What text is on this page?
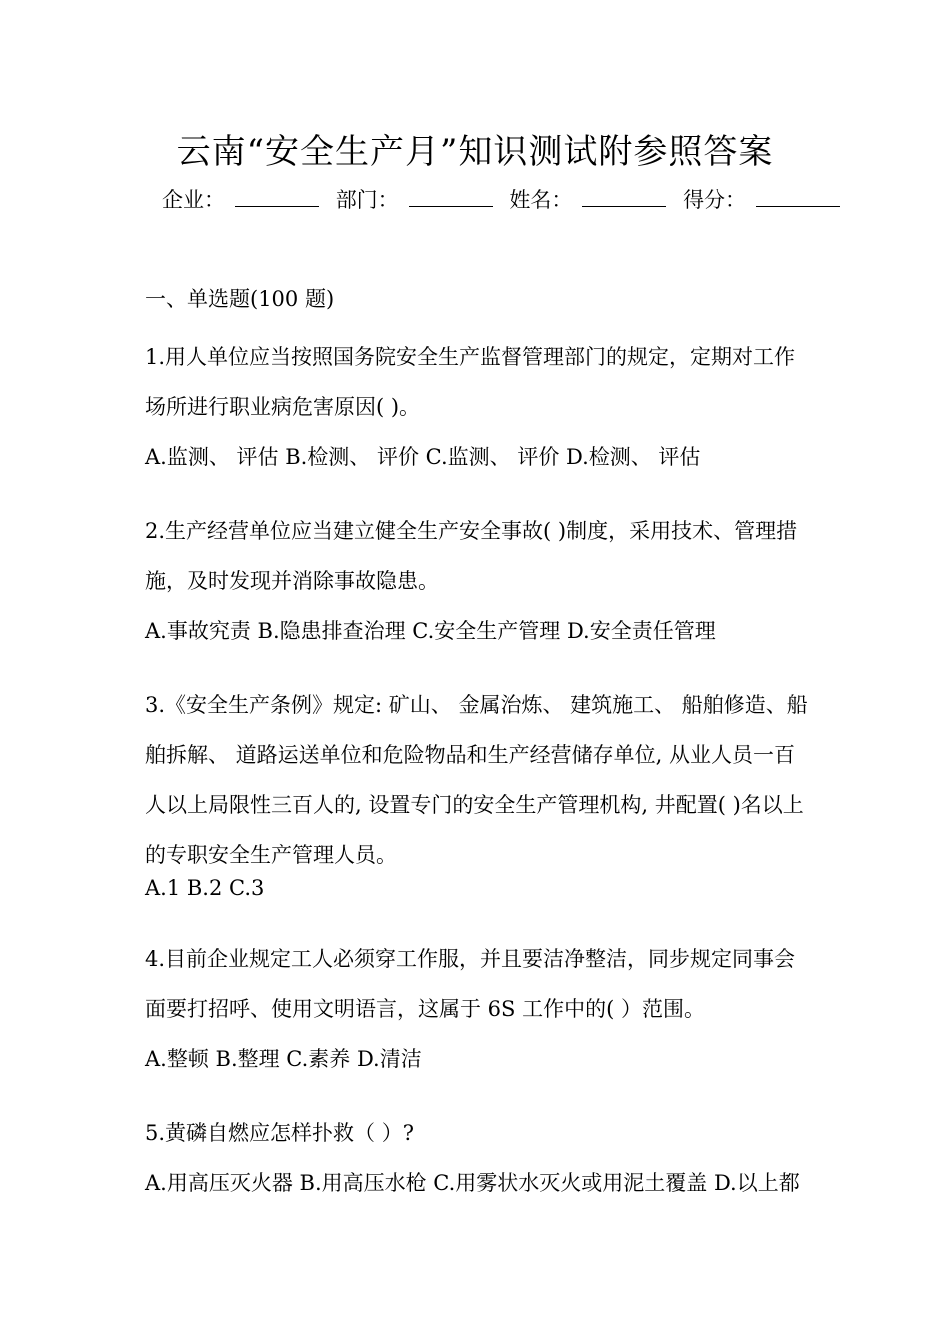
云南“安全生产月”知识测试附参照答案
企业：	部门：	姓名：	得分：
一、单选题(100 题)

1.用人单位应当按照国务院安全生产监督管理部门的规定，定期对工作场所进行职业病危害原因( )。

A.监测、 评估 B.检测、 评价 C.监测、 评价 D.检测、 评估

2.生产经营单位应当建立健全生产安全事故( )制度，采用技术、管理措施，及时发现并消除事故隐患。

A.事故究责 B.隐患排查治理 C.安全生产管理 D.安全责任管理

3.《安全生产条例》规定: 矿山、 金属治炼、 建筑施工、 船舶修造、船舶拆解、 道路运送单位和危险物品和生产经营储存单位, 从业人员一百人以上局限性三百人的, 设置专门的安全生产管理机构, 井配置( )名以上的专职安全生产管理人员。

A.1 B.2 C.3

4.目前企业规定工人必须穿工作服，并且要洁净整洁，同步规定同事会面要打招呼、使用文明语言，这属于 6S 工作中的( ）范围。

A.整顿 B.整理 C.素养 D.清洁

5.黄磷自燃应怎样扑救（ ）?

A.用高压灭火器 B.用高压水枪 C.用雾状水灭火或用泥土覆盖 D.以上都
